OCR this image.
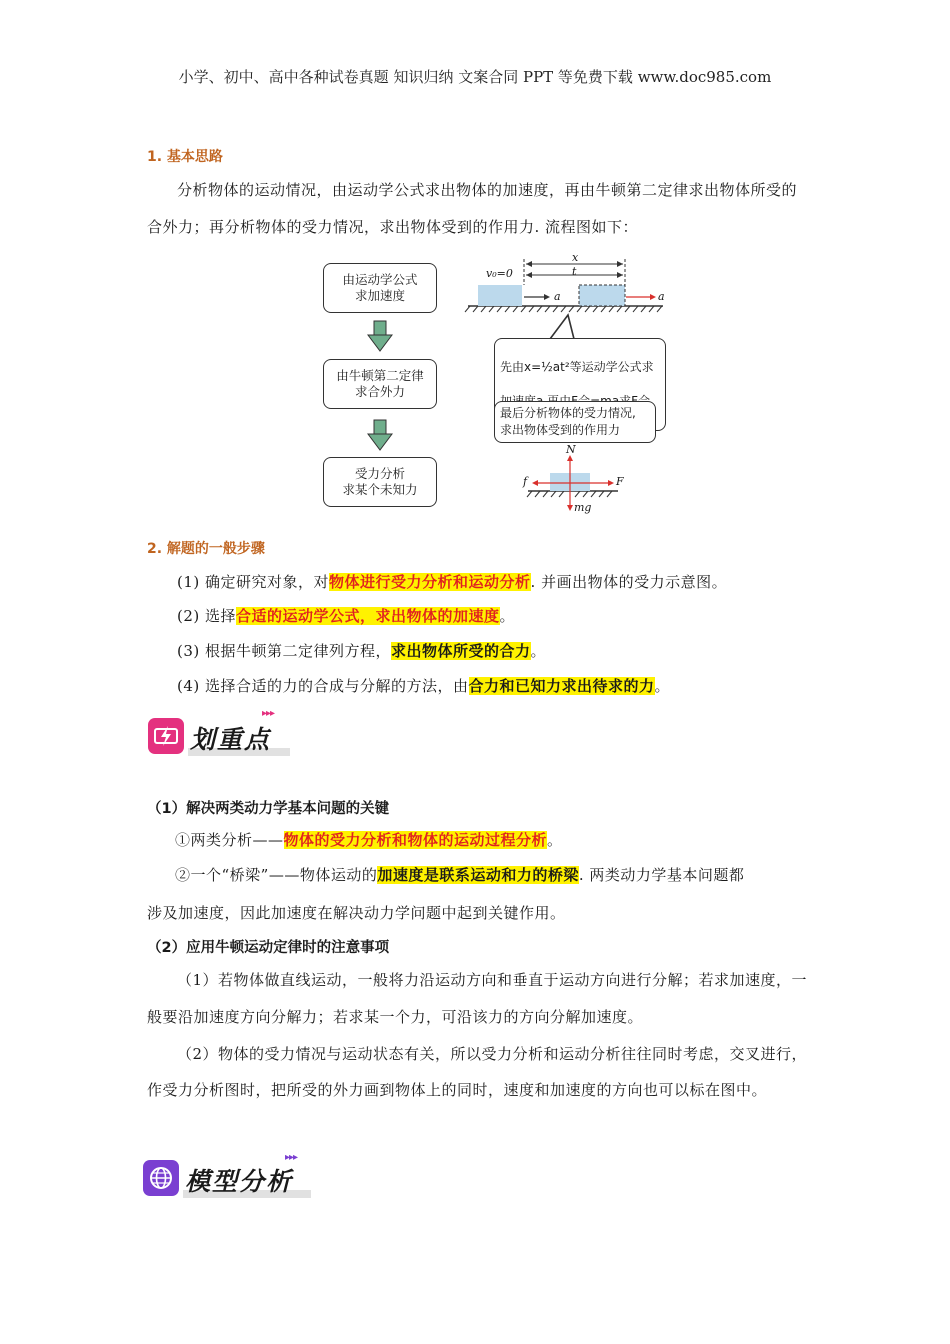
小学、初中、高中各种试卷真题 知识归纳 文案合同 PPT 等免费下载 www.doc985.com
1. 基本思路
分析物体的运动情况，由运动学公式求出物体的加速度，再由牛顿第二定律求出物体所受的合外力；再分析物体的受力情况，求出物体受到的作用力. 流程图如下：
由运动学公式
求加速度
由牛顿第二定律
求合外力
受力分析
求某个未知力
v₀=0
x
t
a	a

先由x=½at²等运动学公式求

最后分析物体的受力情况,
求出物体受到的作用力
N
f	F
mg
2. 解题的一般步骤
(1) 确定研究对象，对物体进行受力分析和运动分析. 并画出物体的受力示意图。
(2) 选择合适的运动学公式，求出物体的加速度。
(3) 根据牛顿第二定律列方程，求出物体所受的合力。
(4) 选择合适的力的合成与分解的方法，由合力和已知力求出待求的力。
划重点
▸▸▸
（1）解决两类动力学基本问题的关键
①两类分析——物体的受力分析和物体的运动过程分析。
②一个“桥梁”——物体运动的加速度是联系运动和力的桥梁. 两类动力学基本问题都
涉及加速度，因此加速度在解决动力学问题中起到关键作用。
（2）应用牛顿运动定律时的注意事项
（1）若物体做直线运动，一般将力沿运动方向和垂直于运动方向进行分解；若求加速度，一般要沿加速度方向分解力；若求某一个力，可沿该力的方向分解加速度。
（2）物体的受力情况与运动状态有关，所以受力分析和运动分析往往同时考虑，交叉进行，作受力分析图时，把所受的外力画到物体上的同时，速度和加速度的方向也可以标在图中。
模型分析
▸▸▸
